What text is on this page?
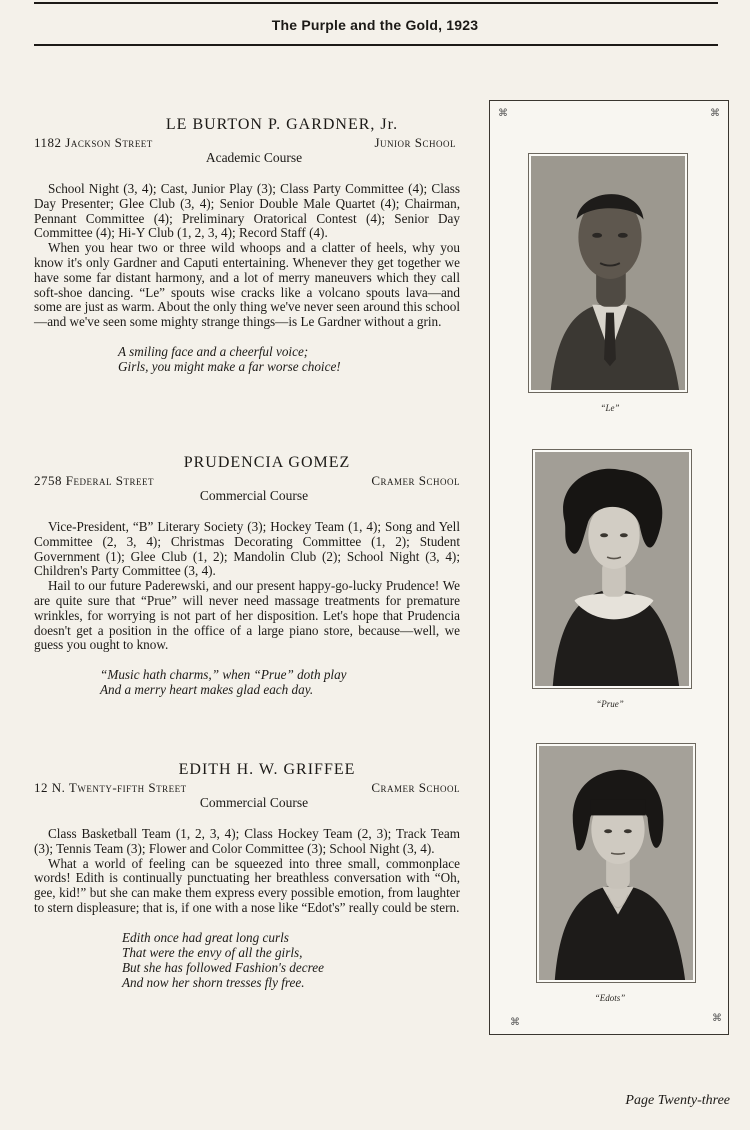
The Purple and the Gold, 1923
LE BURTON P. GARDNER, Jr.
1182 Jackson Street	Junior School
Academic Course

School Night (3, 4); Cast, Junior Play (3); Class Party Committee (4); Class Day Presenter; Glee Club (3, 4); Senior Double Male Quartet (4); Chairman, Pennant Committee (4); Preliminary Oratorical Contest (4); Senior Day Committee (4); Hi-Y Club (1, 2, 3, 4); Record Staff (4).

When you hear two or three wild whoops and a clatter of heels, why you know it's only Gardner and Caputi entertaining. Whenever they get together we have some far distant harmony, and a lot of merry maneuvers which they call soft-shoe dancing. “Le” spouts wise cracks like a volcano spouts lava—and some are just as warm. About the only thing we've never seen around this school—and we've seen some mighty strange things—is Le Gardner without a grin.

A smiling face and a cheerful voice;
Girls, you might make a far worse choice!
PRUDENCIA GOMEZ
2758 Federal Street	Cramer School
Commercial Course

Vice-President, “B” Literary Society (3); Hockey Team (1, 4); Song and Yell Committee (2, 3, 4); Christmas Decorating Committee (1, 2); Student Government (1); Glee Club (1, 2); Mandolin Club (2); School Night (3, 4); Children's Party Committee (3, 4).

Hail to our future Paderewski, and our present happy-go-lucky Prudence! We are quite sure that “Prue” will never need massage treatments for premature wrinkles, for worrying is not part of her disposition. Let's hope that Prudencia doesn't get a position in the office of a large piano store, because—well, we guess you ought to know.

“Music hath charms,” when “Prue” doth play
And a merry heart makes glad each day.
EDITH H. W. GRIFFEE
12 N. Twenty-fifth Street	Cramer School
Commercial Course

Class Basketball Team (1, 2, 3, 4); Class Hockey Team (2, 3); Track Team (3); Tennis Team (3); Flower and Color Committee (3); School Night (3, 4).

What a world of feeling can be squeezed into three small, commonplace words! Edith is continually punctuating her breathless conversation with “Oh, gee, kid!” but she can make them express every possible emotion, from laughter to stern displeasure; that is, if one with a nose like “Edot's” really could be stern.

Edith once had great long curls
That were the envy of all the girls,
But she has followed Fashion's decree
And now her shorn tresses fly free.
⌘	⌘
⌘	⌘
“Le”
“Prue”
“Edots”
Page Twenty-three
